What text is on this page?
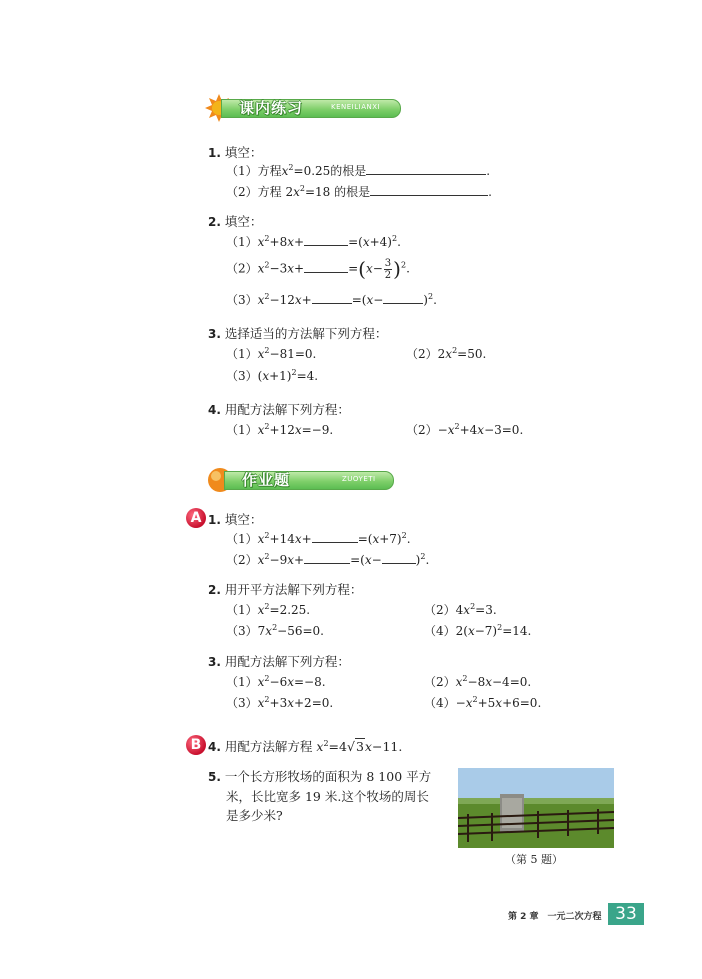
课内练习	KENEILIANXI
1. 填空：
（1）方程$x^2=0.25$的根是	.
（2）方程 $2x^2=18$ 的根是	.
2. 填空：
$(1)x^2+8x+$	$=(x+4)^2$.
$(2)x^2-3x+$	$=(x- \frac{3}{2} )^2$.
$(3)x^2-12x+$	=(x−	)$^2$.
3. 选择适当的方法解下列方程：
$(1)x^2-81=0$.	$(2)2x^2=50$.
$(3)(x+1)^2=4$.
4. 用配方法解下列方程：
$(1)x^2+12x=-9$.	$(2)-x^2+4x-3=0$.
作业题	ZUOYETI
A 1. 填空：
$(1)x^2+14x+$	$=(x+7)^2$.
$(2)x^2-9x+$	=(x−	)$^2$.
2. 用开平方法解下列方程：
$(1)x^2=2.25$.	$(2)4x^2=3$.
$(3)7x^2-56=0$.	$(4)2(x-7)^2=14$.
3. 用配方法解下列方程：
$(1)x^2-6x=-8$.	$(2)x^2-8x-4=0$.
$(3)x^2+3x+2=0$.	$(4)-x^2+5x+6=0$.
B 4. 用配方法解方程 $x^2=4√3x-11$.
5. 一个长方形牧场的面积为 8 100 平方
米，长比宽多 19 米.这个牧场的周长
是多少米?
（第 5 题）
第 2 章　一元二次方程 33
